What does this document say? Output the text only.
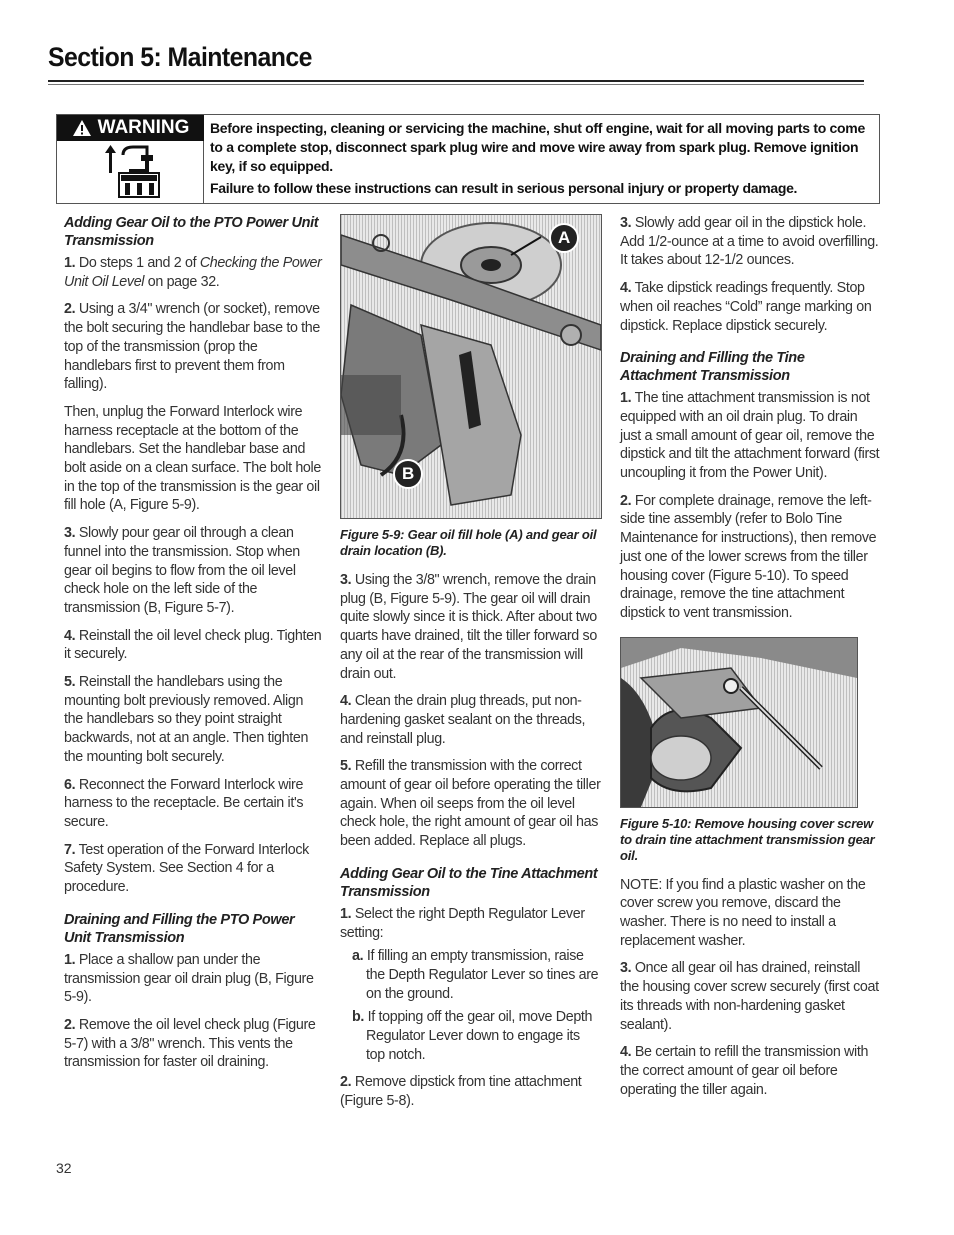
Section 5: Maintenance
WARNING Before inspecting, cleaning or servicing the machine, shut off engine, wait for all moving parts to come to a complete stop, disconnect spark plug wire and move wire away from spark plug. Remove ignition key, if so equipped.

Failure to follow these instructions can result in serious personal injury or property damage.

Adding Gear Oil to the PTO Power Unit Transmission

1. Do steps 1 and 2 of Checking the Power Unit Oil Level on page 32.

2. Using a 3/4" wrench (or socket), remove the bolt securing the handlebar base to the top of the transmission (prop the handlebars first to prevent them from falling).

Then, unplug the Forward Interlock wire harness receptacle at the bottom of the handlebars. Set the handlebar base and bolt aside on a clean surface. The bolt hole in the top of the transmission is the gear oil fill hole (A, Figure 5-9).

3. Slowly pour gear oil through a clean funnel into the transmission. Stop when gear oil begins to flow from the oil level check hole on the left side of the transmission (B, Figure 5-7).

4. Reinstall the oil level check plug. Tighten it securely.

5. Reinstall the handlebars using the mounting bolt previously removed. Align the handlebars so they point straight backwards, not at an angle. Then tighten the mounting bolt securely.

6. Reconnect the Forward Interlock wire harness to the receptacle. Be certain it's secure.

7. Test operation of the Forward Interlock Safety System. See Section 4 for a procedure.

Draining and Filling the PTO Power Unit Transmission

1. Place a shallow pan under the transmission gear oil drain plug (B, Figure 5-9).

2. Remove the oil level check plug (Figure 5-7) with a 3/8" wrench. This vents the transmission for faster oil draining.

A
B
Figure 5-9: Gear oil fill hole (A) and gear oil drain location (B).

3. Using the 3/8" wrench, remove the drain plug (B, Figure 5-9). The gear oil will drain quite slowly since it is thick. After about two quarts have drained, tilt the tiller forward so any oil at the rear of the transmission will drain out.

4. Clean the drain plug threads, put non-hardening gasket sealant on the threads, and reinstall plug.

5. Refill the transmission with the correct amount of gear oil before operating the tiller again. When oil seeps from the oil level check hole, the right amount of gear oil has been added. Replace all plugs.

Adding Gear Oil to the Tine Attachment Transmission

1. Select the right Depth Regulator Lever setting:

a. If filling an empty transmission, raise the Depth Regulator Lever so tines are on the ground.

b. If topping off the gear oil, move Depth Regulator Lever down to engage its top notch.

2. Remove dipstick from tine attachment (Figure 5-8).

3. Slowly add gear oil in the dipstick hole. Add 1/2-ounce at a time to avoid overfilling. It takes about 12-1/2 ounces.

4. Take dipstick readings frequently. Stop when oil reaches “Cold” range marking on dipstick. Replace dipstick securely.

Draining and Filling the Tine Attachment Transmission

1. The tine attachment transmission is not equipped with an oil drain plug. To drain just a small amount of gear oil, remove the dipstick and tilt the attachment forward (first uncoupling it from the Power Unit).

2. For complete drainage, remove the left-side tine assembly (refer to Bolo Tine Maintenance for instructions), then remove just one of the lower screws from the tiller housing cover (Figure 5-10). To speed drainage, remove the tine attachment dipstick to vent transmission.

Figure 5-10: Remove housing cover screw to drain tine attachment transmission gear oil.

NOTE: If you find a plastic washer on the cover screw you remove, discard the washer. There is no need to install a replacement washer.

3. Once all gear oil has drained, reinstall the housing cover screw securely (first coat its threads with non-hardening gasket sealant).

4. Be certain to refill the transmission with the correct amount of gear oil before operating the tiller again.

32
